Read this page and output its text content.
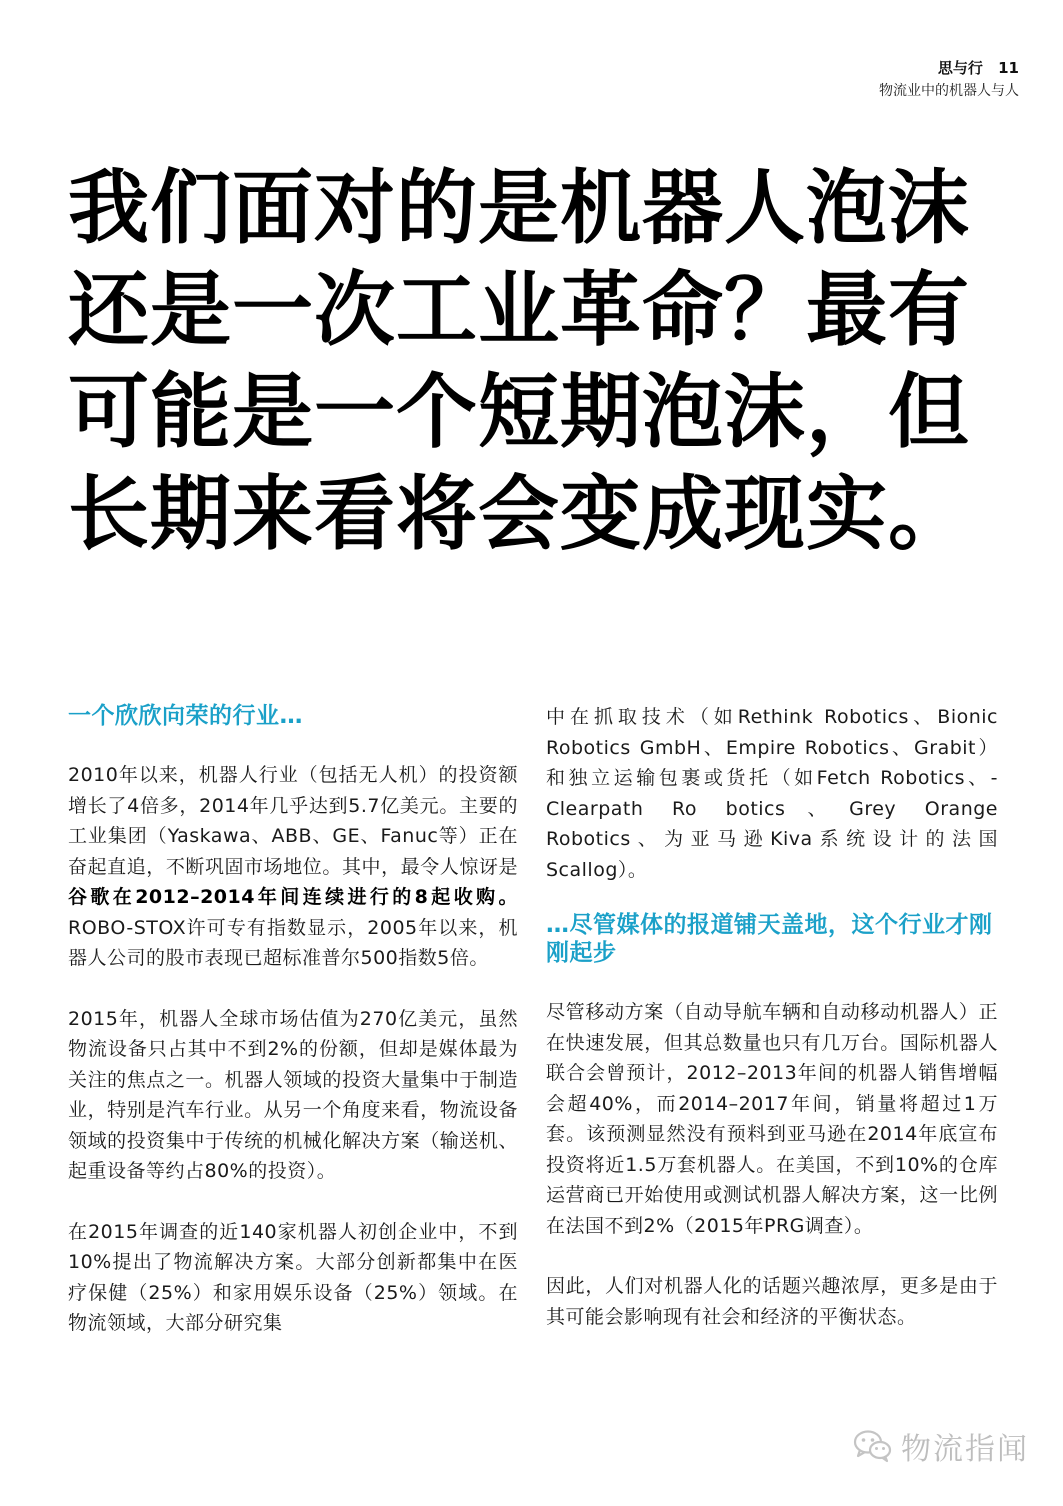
思与行 11
物流业中的机器人与人
我们面对的是机器人泡沫
还是一次工业革命？最有
可能是一个短期泡沫，但
长期来看将会变成现实。
一个欣欣向荣的行业…

2010年以来，机器人行业（包括无人机）的投资额增长了4倍多，2014年几乎达到5.7亿美元。主要的工业集团（Yaskawa、ABB、GE、Fanuc等）正在奋起直追，不断巩固市场地位。其中，最令人惊讶是谷歌在2012–2014年间连续进行的8起收购。ROBO-STOX许可专有指数显示，2005年以来，机器人公司的股市表现已超标准普尔500指数5倍。

2015年，机器人全球市场估值为270亿美元，虽然物流设备只占其中不到2%的份额，但却是媒体最为关注的焦点之一。机器人领域的投资大量集中于制造业，特别是汽车行业。从另一个角度来看，物流设备领域的投资集中于传统的机械化解决方案（输送机、起重设备等约占80%的投资）。

在2015年调查的近140家机器人初创企业中，不到10%提出了物流解决方案。大部分创新都集中在医疗保健（25%）和家用娱乐设备（25%）领域。在物流领域，大部分研究集

中在抓取技术（如Rethink Robotics、Bionic Robotics GmbH、Empire Robotics、Grabit）和独立运输包裹或货托（如Fetch Robotics、-Clearpath Ro botics、Grey Orange Robotics、为亚马逊Kiva系统设计的法国Scallog）。

…尽管媒体的报道铺天盖地，这个行业才刚刚起步

尽管移动方案（自动导航车辆和自动移动机器人）正在快速发展，但其总数量也只有几万台。国际机器人联合会曾预计，2012–2013年间的机器人销售增幅会超40%，而2014–2017年间，销量将超过1万套。该预测显然没有预料到亚马逊在2014年底宣布投资将近1.5万套机器人。在美国，不到10%的仓库运营商已开始使用或测试机器人解决方案，这一比例在法国不到2%（2015年PRG调查）。

因此，人们对机器人化的话题兴趣浓厚，更多是由于其可能会影响现有社会和经济的平衡状态。

物流指闻
